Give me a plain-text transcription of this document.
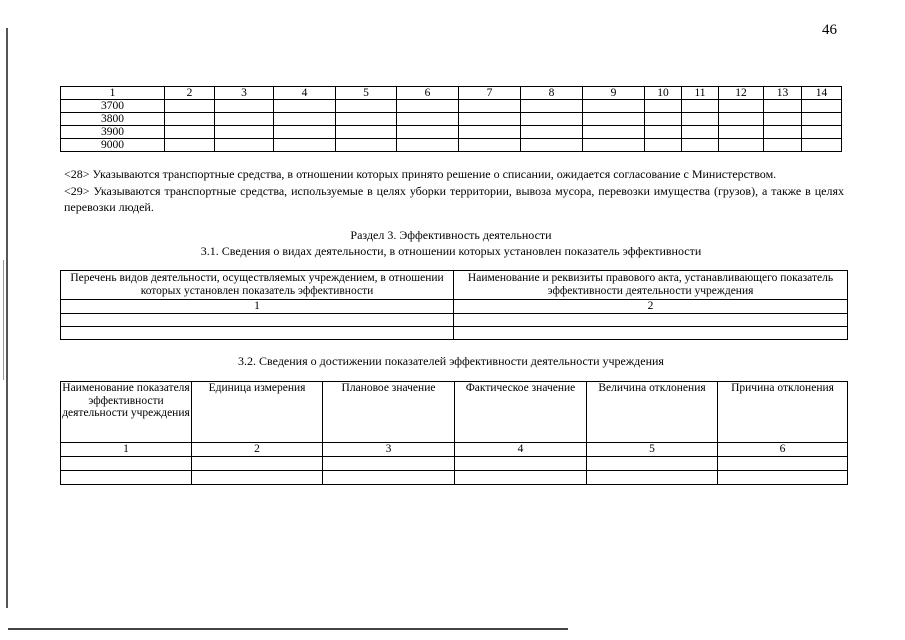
46
1	2	3	4	5	6	7	8	9	10	11	12	13	14
3700													
3800													
3900													
9000													

<28> Указываются транспортные средства, в отношении которых принято решение о списании, ожидается согласование с Министерством.

<29> Указываются транспортные средства, используемые в целях уборки территории, вывоза мусора, перевозки имущества (грузов), а также в целях перевозки людей.

Раздел 3. Эффективность деятельности
3.1. Сведения о видах деятельности, в отношении которых установлен показатель эффективности
Перечень видов деятельности, осуществляемых учреждением, в отношении которых установлен показатель эффективности	Наименование и реквизиты правового акта, устанавливающего показатель эффективности деятельности учреждения
1	2

3.2. Сведения о достижении показателей эффективности деятельности учреждения
Наименование показателя эффективности деятельности учреждения	Единица измерения	Плановое значение	Фактическое значение	Величина отклонения	Причина отклонения
1	2	3	4	5	6
